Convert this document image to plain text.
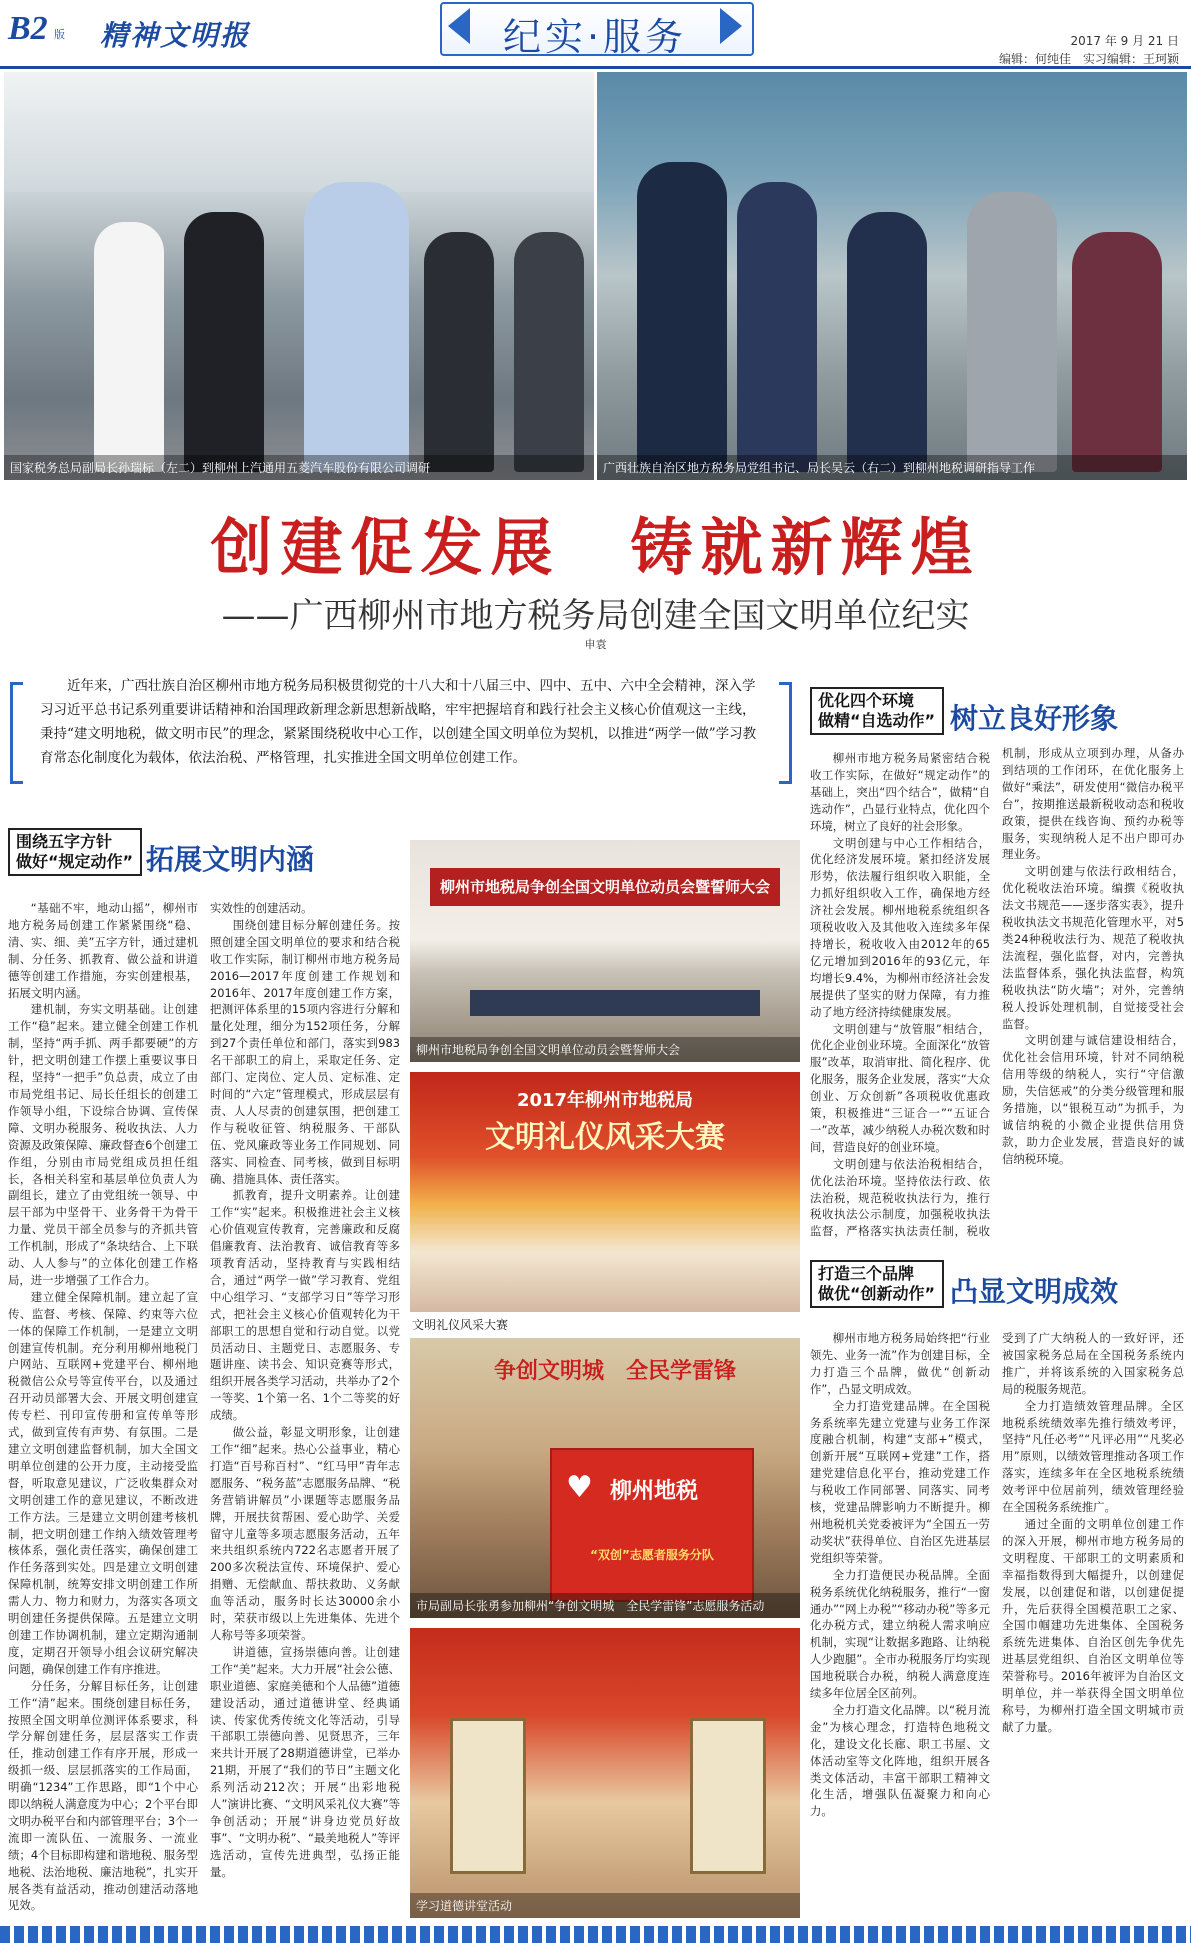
B2 版 精神文明报	纪实·服务	2017 年 9 月 21 日
编辑：何纯佳　实习编辑：王珂颖
国家税务总局副局长孙瑞标（左二）到柳州上汽通用五菱汽车股份有限公司调研	广西壮族自治区地方税务局党组书记、局长吴云（右二）到柳州地税调研指导工作
创建促发展　铸就新辉煌
——广西柳州市地方税务局创建全国文明单位纪实
申袁
近年来，广西壮族自治区柳州市地方税务局积极贯彻党的十八大和十八届三中、四中、五中、六中全会精神，深入学习习近平总书记系列重要讲话精神和治国理政新理念新思想新战略，牢牢把握培育和践行社会主义核心价值观这一主线，秉持“建文明地税，做文明市民”的理念，紧紧围绕税收中心工作，以创建全国文明单位为契机，以推进“两学一做”学习教育常态化制度化为载体，依法治税、严格管理，扎实推进全国文明单位创建工作。
围绕五字方针
做好“规定动作” 拓展文明内涵
优化四个环境
做精“自选动作” 树立良好形象
打造三个品牌
做优“创新动作” 凸显文明成效

“基础不牢，地动山摇”，柳州市地方税务局创建工作紧紧围绕“稳、清、实、细、美”五字方针，通过建机制、分任务、抓教育、做公益和讲道德等创建工作措施，夯实创建根基，拓展文明内涵。

建机制，夯实文明基础。让创建工作“稳”起来。建立健全创建工作机制，坚持“两手抓、两手都要硬”的方针，把文明创建工作摆上重要议事日程，坚持“一把手”负总责，成立了由市局党组书记、局长任组长的创建工作领导小组，下设综合协调、宣传保障、文明办税服务、税收执法、人力资源及政策保障、廉政督查6个创建工作组，分别由市局党组成员担任组长，各相关科室和基层单位负责人为副组长，建立了由党组统一领导、中层干部为中坚骨干、业务骨干为骨干力量、党员干部全员参与的齐抓共管工作机制，形成了“条块结合、上下联动、人人参与”的立体化创建工作格局，进一步增强了工作合力。

建立健全保障机制。建立起了宣传、监督、考核、保障、约束等六位一体的保障工作机制，一是建立文明创建宣传机制。充分利用柳州地税门户网站、互联网+党建平台、柳州地税微信公众号等宣传平台，以及通过召开动员部署大会、开展文明创建宣传专栏、刊印宣传册和宣传单等形式，做到宣传有声势、有氛围。二是建立文明创建监督机制，加大全国文明单位创建的公开力度，主动接受监督，听取意见建议，广泛收集群众对文明创建工作的意见建议，不断改进工作方法。三是建立文明创建考核机制，把文明创建工作纳入绩效管理考核体系，强化责任落实，确保创建工作任务落到实处。四是建立文明创建保障机制，统筹安排文明创建工作所需人力、物力和财力，为落实各项文明创建任务提供保障。五是建立文明创建工作协调机制，建立定期沟通制度，定期召开领导小组会议研究解决问题，确保创建工作有序推进。

分任务，分解目标任务，让创建工作“清”起来。围绕创建目标任务，按照全国文明单位测评体系要求，科学分解创建任务，层层落实工作责任，推动创建工作有序开展，形成一级抓一级、层层抓落实的工作局面，明确“1234”工作思路，即“1个中心即以纳税人满意度为中心；2个平台即文明办税平台和内部管理平台；3个一流即一流队伍、一流服务、一流业绩；4个目标即构建和谐地税、服务型地税、法治地税、廉洁地税”，扎实开展各类有益活动，推动创建活动落地见效。

实效性的创建活动。

围绕创建目标分解创建任务。按照创建全国文明单位的要求和结合税收工作实际，制订柳州市地方税务局2016—2017年度创建工作规划和2016年、2017年度创建工作方案，把测评体系里的15项内容进行分解和量化处理，细分为152项任务，分解到27个责任单位和部门，落实到983名干部职工的肩上，采取定任务、定部门、定岗位、定人员、定标准、定时间的“六定”管理模式，形成层层有责、人人尽责的创建氛围，把创建工作与税收征管、纳税服务、干部队伍、党风廉政等业务工作同规划、同落实、同检查、同考核，做到目标明确、措施具体、责任落实。

抓教育，提升文明素养。让创建工作“实”起来。积极推进社会主义核心价值观宣传教育，完善廉政和反腐倡廉教育、法治教育、诚信教育等多项教育活动，坚持教育与实践相结合，通过“两学一做”学习教育、党组中心组学习、“支部学习日”等学习形式，把社会主义核心价值观转化为干部职工的思想自觉和行动自觉。以党员活动日、主题党日、志愿服务、专题讲座、读书会、知识竞赛等形式，组织开展各类学习活动，共举办了2个一等奖、1个第一名、1个二等奖的好成绩。

做公益，彰显文明形象，让创建工作“细”起来。热心公益事业，精心打造“百号称百村”、“红马甲”青年志愿服务、“税务蓝”志愿服务品牌、“税务营销讲解员”小课题等志愿服务品牌，开展扶贫帮困、爱心助学、关爱留守儿童等多项志愿服务活动，五年来共组织系统内722名志愿者开展了200多次税法宣传、环境保护、爱心捐赠、无偿献血、帮扶救助、义务献血等活动，服务时长达30000余小时，荣获市级以上先进集体、先进个人称号等多项荣誉。

讲道德，宣扬崇德向善。让创建工作“美”起来。大力开展“社会公德、职业道德、家庭美德和个人品德”道德建设活动，通过道德讲堂、经典诵读、传家优秀传统文化等活动，引导干部职工崇德向善、见贤思齐，三年来共计开展了28期道德讲堂，已举办21期，开展了“我们的节日”主题文化系列活动212次；开展“出彩地税人”演讲比赛、“文明风采礼仪大赛”等争创活动；开展“讲身边党员好故事”、“文明办税”、“最美地税人”等评选活动，宣传先进典型，弘扬正能量。

柳州市地税局争创全国文明单位动员会暨誓师大会
柳州市地税局争创全国文明单位动员会暨誓师大会
2017年柳州市地税局
文明礼仪风采大赛
文明礼仪风采大赛
争创文明城　全民学雷锋
♥ 柳州地税
“双创”志愿者服务分队
市局副局长张勇参加柳州“争创文明城　全民学雷锋”志愿服务活动
学习道德讲堂活动

柳州市地方税务局紧密结合税收工作实际，在做好“规定动作”的基础上，突出“四个结合”，做精“自选动作”，凸显行业特点，优化四个环境，树立了良好的社会形象。

文明创建与中心工作相结合，优化经济发展环境。紧扣经济发展形势，依法履行组织收入职能，全力抓好组织收入工作，确保地方经济社会发展。柳州地税系统组织各项税收收入及其他收入连续多年保持增长，税收收入由2012年的65亿元增加到2016年的93亿元，年均增长9.4%，为柳州市经济社会发展提供了坚实的财力保障，有力推动了地方经济持续健康发展。

文明创建与“放管服”相结合，优化企业创业环境。全面深化“放管服”改革，取消审批、简化程序、优化服务，服务企业发展，落实“大众创业、万众创新”各项税收优惠政策，积极推进“三证合一”“五证合一”改革，减少纳税人办税次数和时间，营造良好的创业环境。

文明创建与依法治税相结合，优化法治环境。坚持依法行政、依法治税，规范税收执法行为，推行税收执法公示制度，加强税收执法监督，严格落实执法责任制，税收

机制，形成从立项到办理，从备办到结项的工作闭环，在优化服务上做好“乘法”，研发使用“微信办税平台”，按期推送最新税收动态和税收政策，提供在线咨询、预约办税等服务，实现纳税人足不出户即可办理业务。

文明创建与依法行政相结合，优化税收法治环境。编撰《税收执法文书规范——逐步落实表》，提升税收执法文书规范化管理水平，对5类24种税收法行为、规范了税收执法流程，强化监督，对内，完善执法监督体系，强化执法监督，构筑税收执法“防火墙”；对外，完善纳税人投诉处理机制，自觉接受社会监督。

文明创建与诚信建设相结合，优化社会信用环境，针对不同纳税信用等级的纳税人，实行“守信激励，失信惩戒”的分类分级管理和服务措施，以“银税互动”为抓手，为诚信纳税的小微企业提供信用贷款，助力企业发展，营造良好的诚信纳税环境。

柳州市地方税务局始终把“行业领先、业务一流”作为创建目标，全力打造三个品牌，做优“创新动作”，凸显文明成效。

全力打造党建品牌。在全国税务系统率先建立党建与业务工作深度融合机制，构建“支部+”模式，创新开展“互联网+党建”工作，搭建党建信息化平台，推动党建工作与税收工作同部署、同落实、同考核，党建品牌影响力不断提升。柳州地税机关党委被评为“全国五一劳动奖状”获得单位、自治区先进基层党组织等荣誉。

全力打造便民办税品牌。全面税务系统优化纳税服务，推行“一窗通办”“网上办税”“移动办税”等多元化办税方式，建立纳税人需求响应机制，实现“让数据多跑路、让纳税人少跑腿”。全市办税服务厅均实现国地税联合办税，纳税人满意度连续多年位居全区前列。

全力打造文化品牌。以“税月流金”为核心理念，打造特色地税文化，建设文化长廊、职工书屋、文体活动室等文化阵地，组织开展各类文体活动，丰富干部职工精神文化生活，增强队伍凝聚力和向心力。

受到了广大纳税人的一致好评，还被国家税务总局在全国税务系统内推广，并将该系统的入国家税务总局的税服务规范。

全力打造绩效管理品牌。全区地税系统绩效率先推行绩效考评，坚持“凡任必考”“凡评必用”“凡奖必用”原则，以绩效管理推动各项工作落实，连续多年在全区地税系统绩效考评中位居前列，绩效管理经验在全国税务系统推广。

通过全面的文明单位创建工作的深入开展，柳州市地方税务局的文明程度、干部职工的文明素质和幸福指数得到大幅提升，以创建促发展，以创建促和谐，以创建促提升，先后获得全国模范职工之家、全国巾帼建功先进集体、全国税务系统先进集体、自治区创先争优先进基层党组织、自治区文明单位等荣誉称号。2016年被评为自治区文明单位，并一举获得全国文明单位称号，为柳州打造全国文明城市贡献了力量。
